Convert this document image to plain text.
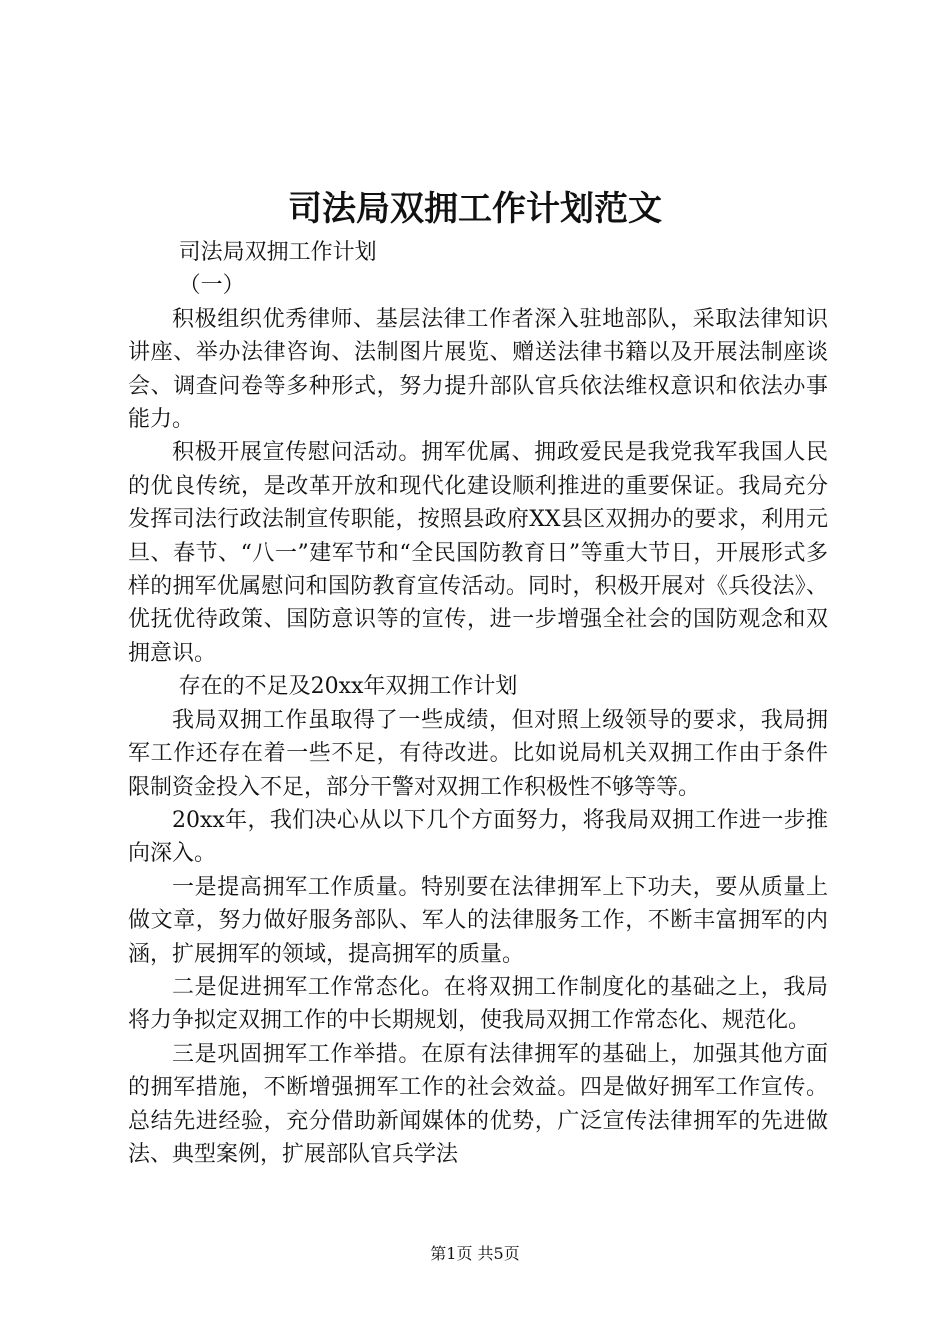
司法局双拥工作计划范文

司法局双拥工作计划

（一）

积极组织优秀律师、基层法律工作者深入驻地部队，采取法律知识讲座、举办法律咨询、法制图片展览、赠送法律书籍以及开展法制座谈会、调查问卷等多种形式，努力提升部队官兵依法维权意识和依法办事能力。

积极开展宣传慰问活动。拥军优属、拥政爱民是我党我军我国人民的优良传统，是改革开放和现代化建设顺利推进的重要保证。我局充分发挥司法行政法制宣传职能，按照县政府XX县区双拥办的要求，利用元旦、春节、“八一”建军节和“全民国防教育日”等重大节日，开展形式多样的拥军优属慰问和国防教育宣传活动。同时，积极开展对《兵役法》、优抚优待政策、国防意识等的宣传，进一步增强全社会的国防观念和双拥意识。

存在的不足及20xx年双拥工作计划

我局双拥工作虽取得了一些成绩，但对照上级领导的要求，我局拥军工作还存在着一些不足，有待改进。比如说局机关双拥工作由于条件限制资金投入不足，部分干警对双拥工作积极性不够等等。

20xx年，我们决心从以下几个方面努力，将我局双拥工作进一步推向深入。

一是提高拥军工作质量。特别要在法律拥军上下功夫，要从质量上做文章，努力做好服务部队、军人的法律服务工作，不断丰富拥军的内涵，扩展拥军的领域，提高拥军的质量。

二是促进拥军工作常态化。在将双拥工作制度化的基础之上，我局将力争拟定双拥工作的中长期规划，使我局双拥工作常态化、规范化。

三是巩固拥军工作举措。在原有法律拥军的基础上，加强其他方面的拥军措施，不断增强拥军工作的社会效益。四是做好拥军工作宣传。总结先进经验，充分借助新闻媒体的优势，广泛宣传法律拥军的先进做法、典型案例，扩展部队官兵学法

第1页 共5页
